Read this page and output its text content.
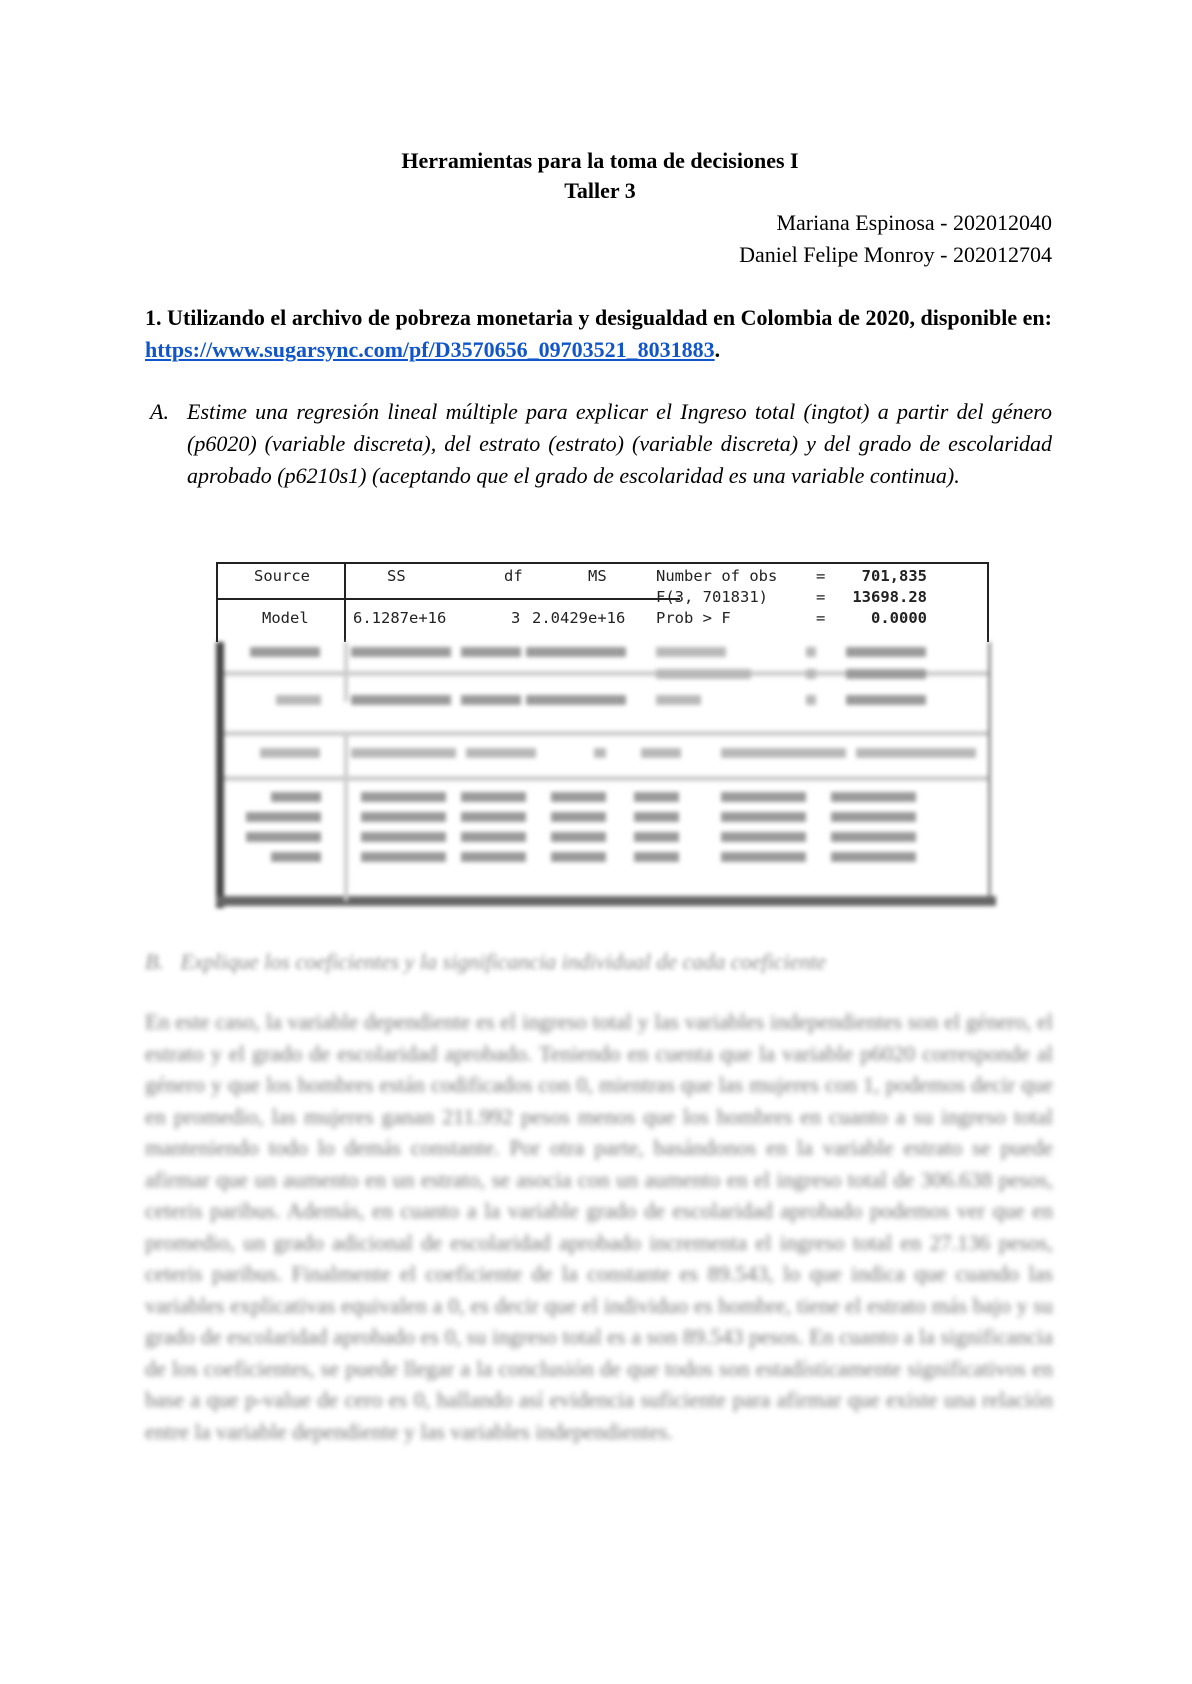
Herramientas para la toma de decisiones I
Taller 3
Mariana Espinosa - 202012040
Daniel Felipe Monroy - 202012704
1. Utilizando el archivo de pobreza monetaria y desigualdad en Colombia de 2020, disponible en: https://www.sugarsync.com/pf/D3570656_09703521_8031883.
A. Estime una regresión lineal múltiple para explicar el Ingreso total (ingtot) a partir del género (p6020) (variable discreta), del estrato (estrato) (variable discreta) y del grado de escolaridad aprobado (p6210s1) (aceptando que el grado de escolaridad es una variable continua).
Source	SS	df	MS
Model	6.1287e+16	3 2.0429e+16
Number of obs =	701,835
F(3, 701831)	=	13698.28
Prob > F	=	0.0000
B. Explique los coeficientes y la significancia individual de cada coeficiente
En este caso, la variable dependiente es el ingreso total y las variables independientes son el género, el estrato y el grado de escolaridad aprobado. Teniendo en cuenta que la variable p6020 corresponde al género y que los hombres están codificados con 0, mientras que las mujeres con 1, podemos decir que en promedio, las mujeres ganan 211.992 pesos menos que los hombres en cuanto a su ingreso total manteniendo todo lo demás constante. Por otra parte, basándonos en la variable estrato se puede afirmar que un aumento en un estrato, se asocia con un aumento en el ingreso total de 306.638 pesos, ceteris paribus. Además, en cuanto a la variable grado de escolaridad aprobado podemos ver que en promedio, un grado adicional de escolaridad aprobado incrementa el ingreso total en 27.136 pesos, ceteris paribus. Finalmente el coeficiente de la constante es 89.543, lo que indica que cuando las variables explicativas equivalen a 0, es decir que el individuo es hombre, tiene el estrato más bajo y su grado de escolaridad aprobado es 0, su ingreso total es a son 89.543 pesos. En cuanto a la significancia de los coeficientes, se puede llegar a la conclusión de que todos son estadísticamente significativos en base a que p-value de cero es 0, hallando así evidencia suficiente para afirmar que existe una relación entre la variable dependiente y las variables independientes.
